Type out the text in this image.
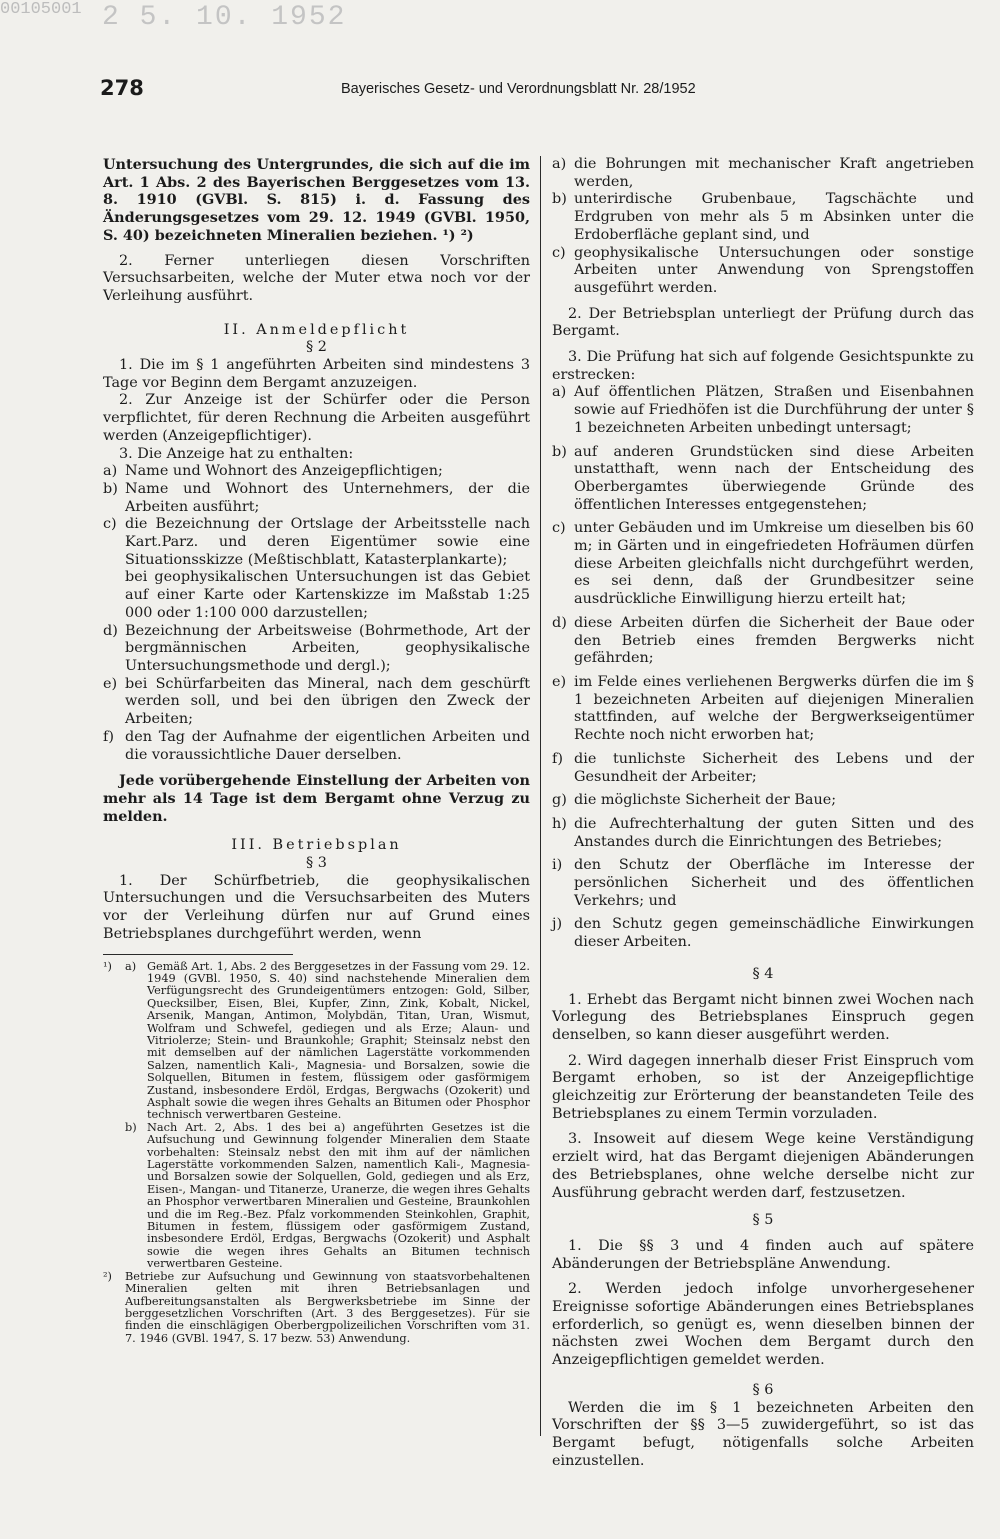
00105001 2 5. 10. 1952
278	Bayerisches Gesetz- und Verordnungsblatt Nr. 28/1952

Untersuchung des Untergrundes, die sich auf die im Art. 1 Abs. 2 des Bayerischen Berggesetzes vom 13. 8. 1910 (GVBl. S. 815) i. d. Fassung des Änderungsgesetzes vom 29. 12. 1949 (GVBl. 1950, S. 40) bezeichneten Mineralien beziehen. ¹) ²)

2. Ferner unterliegen diesen Vorschriften Versuchsarbeiten, welche der Muter etwa noch vor der Verleihung ausführt.

II. Anmeldepflicht

§ 2

1. Die im § 1 angeführten Arbeiten sind mindestens 3 Tage vor Beginn dem Bergamt anzuzeigen.

2. Zur Anzeige ist der Schürfer oder die Person verpflichtet, für deren Rechnung die Arbeiten ausgeführt werden (Anzeigepflichtiger).

3. Die Anzeige hat zu enthalten:

a) Name und Wohnort des Anzeigepflichtigen;
b) Name und Wohnort des Unternehmers, der die Arbeiten ausführt;
c) die Bezeichnung der Ortslage der Arbeitsstelle nach Kart.Parz. und deren Eigentümer sowie eine Situationsskizze (Meßtischblatt, Katasterplankarte);
bei geophysikalischen Untersuchungen ist das Gebiet auf einer Karte oder Kartenskizze im Maßstab 1:25 000 oder 1:100 000 darzustellen;
d) Bezeichnung der Arbeitsweise (Bohrmethode, Art der bergmännischen Arbeiten, geophysikalische Untersuchungsmethode und dergl.);
e) bei Schürfarbeiten das Mineral, nach dem geschürft werden soll, und bei den übrigen den Zweck der Arbeiten;
f) den Tag der Aufnahme der eigentlichen Arbeiten und die voraussichtliche Dauer derselben.

Jede vorübergehende Einstellung der Arbeiten von mehr als 14 Tage ist dem Bergamt ohne Verzug zu melden.

III. Betriebsplan

§ 3

1. Der Schürfbetrieb, die geophysikalischen Untersuchungen und die Versuchsarbeiten des Muters vor der Verleihung dürfen nur auf Grund eines Betriebsplanes durchgeführt werden, wenn

¹)	a) Gemäß Art. 1, Abs. 2 des Berggesetzes in der Fassung vom 29. 12. 1949 (GVBl. 1950, S. 40) sind nachstehende Mineralien dem Verfügungsrecht des Grundeigentümers entzogen: Gold, Silber, Quecksilber, Eisen, Blei, Kupfer, Zinn, Zink, Kobalt, Nickel, Arsenik, Mangan, Antimon, Molybdän, Titan, Uran, Wismut, Wolfram und Schwefel, gediegen und als Erze; Alaun- und Vitriolerze; Stein- und Braunkohle; Graphit; Steinsalz nebst den mit demselben auf der nämlichen Lagerstätte vorkommenden Salzen, namentlich Kali-, Magnesia- und Borsalzen, sowie die Solquellen, Bitumen in festem, flüssigem oder gasförmigem Zustand, insbesondere Erdöl, Erdgas, Bergwachs (Ozokerit) und Asphalt sowie die wegen ihres Gehalts an Bitumen oder Phosphor technisch verwertbaren Gesteine.
b) Nach Art. 2, Abs. 1 des bei a) angeführten Gesetzes ist die Aufsuchung und Gewinnung folgender Mineralien dem Staate vorbehalten: Steinsalz nebst den mit ihm auf der nämlichen Lagerstätte vorkommenden Salzen, namentlich Kali-, Magnesia- und Borsalzen sowie der Solquellen, Gold, gediegen und als Erz, Eisen-, Mangan- und Titanerze, Uranerze, die wegen ihres Gehalts an Phosphor verwertbaren Mineralien und Gesteine, Braunkohlen und die im Reg.-Bez. Pfalz vorkommenden Steinkohlen, Graphit, Bitumen in festem, flüssigem oder gasförmigem Zustand, insbesondere Erdöl, Erdgas, Bergwachs (Ozokerit) und Asphalt sowie die wegen ihres Gehalts an Bitumen technisch verwertbaren Gesteine.
²)	Betriebe zur Aufsuchung und Gewinnung von staatsvorbehaltenen Mineralien gelten mit ihren Betriebsanlagen und Aufbereitungsanstalten als Bergwerksbetriebe im Sinne der berggesetzlichen Vorschriften (Art. 3 des Berggesetzes). Für sie finden die einschlägigen Oberbergpolizeilichen Vorschriften vom 31. 7. 1946 (GVBl. 1947, S. 17 bezw. 53) Anwendung.
a) die Bohrungen mit mechanischer Kraft angetrieben werden,
b) unterirdische Grubenbaue, Tagschächte und Erdgruben von mehr als 5 m Absinken unter die Erdoberfläche geplant sind, und
c) geophysikalische Untersuchungen oder sonstige Arbeiten unter Anwendung von Sprengstoffen ausgeführt werden.

2. Der Betriebsplan unterliegt der Prüfung durch das Bergamt.

3. Die Prüfung hat sich auf folgende Gesichtspunkte zu erstrecken:

a) Auf öffentlichen Plätzen, Straßen und Eisenbahnen sowie auf Friedhöfen ist die Durchführung der unter § 1 bezeichneten Arbeiten unbedingt untersagt;
b) auf anderen Grundstücken sind diese Arbeiten unstatthaft, wenn nach der Entscheidung des Oberbergamtes überwiegende Gründe des öffentlichen Interesses entgegenstehen;
c) unter Gebäuden und im Umkreise um dieselben bis 60 m; in Gärten und in eingefriedeten Hofräumen dürfen diese Arbeiten gleichfalls nicht durchgeführt werden, es sei denn, daß der Grundbesitzer seine ausdrückliche Einwilligung hierzu erteilt hat;
d) diese Arbeiten dürfen die Sicherheit der Baue oder den Betrieb eines fremden Bergwerks nicht gefährden;
e) im Felde eines verliehenen Bergwerks dürfen die im § 1 bezeichneten Arbeiten auf diejenigen Mineralien stattfinden, auf welche der Bergwerkseigentümer Rechte noch nicht erworben hat;
f) die tunlichste Sicherheit des Lebens und der Gesundheit der Arbeiter;
g) die möglichste Sicherheit der Baue;
h) die Aufrechterhaltung der guten Sitten und des Anstandes durch die Einrichtungen des Betriebes;
i) den Schutz der Oberfläche im Interesse der persönlichen Sicherheit und des öffentlichen Verkehrs; und
j) den Schutz gegen gemeinschädliche Einwirkungen dieser Arbeiten.

§ 4

1. Erhebt das Bergamt nicht binnen zwei Wochen nach Vorlegung des Betriebsplanes Einspruch gegen denselben, so kann dieser ausgeführt werden.

2. Wird dagegen innerhalb dieser Frist Einspruch vom Bergamt erhoben, so ist der Anzeigepflichtige gleichzeitig zur Erörterung der beanstandeten Teile des Betriebsplanes zu einem Termin vorzuladen.

3. Insoweit auf diesem Wege keine Verständigung erzielt wird, hat das Bergamt diejenigen Abänderungen des Betriebsplanes, ohne welche derselbe nicht zur Ausführung gebracht werden darf, festzusetzen.

§ 5

1. Die §§ 3 und 4 finden auch auf spätere Abänderungen der Betriebspläne Anwendung.

2. Werden jedoch infolge unvorhergesehener Ereignisse sofortige Abänderungen eines Betriebsplanes erforderlich, so genügt es, wenn dieselben binnen der nächsten zwei Wochen dem Bergamt durch den Anzeigepflichtigen gemeldet werden.

§ 6

Werden die im § 1 bezeichneten Arbeiten den Vorschriften der §§ 3—5 zuwidergeführt, so ist das Bergamt befugt, nötigenfalls solche Arbeiten einzustellen.
